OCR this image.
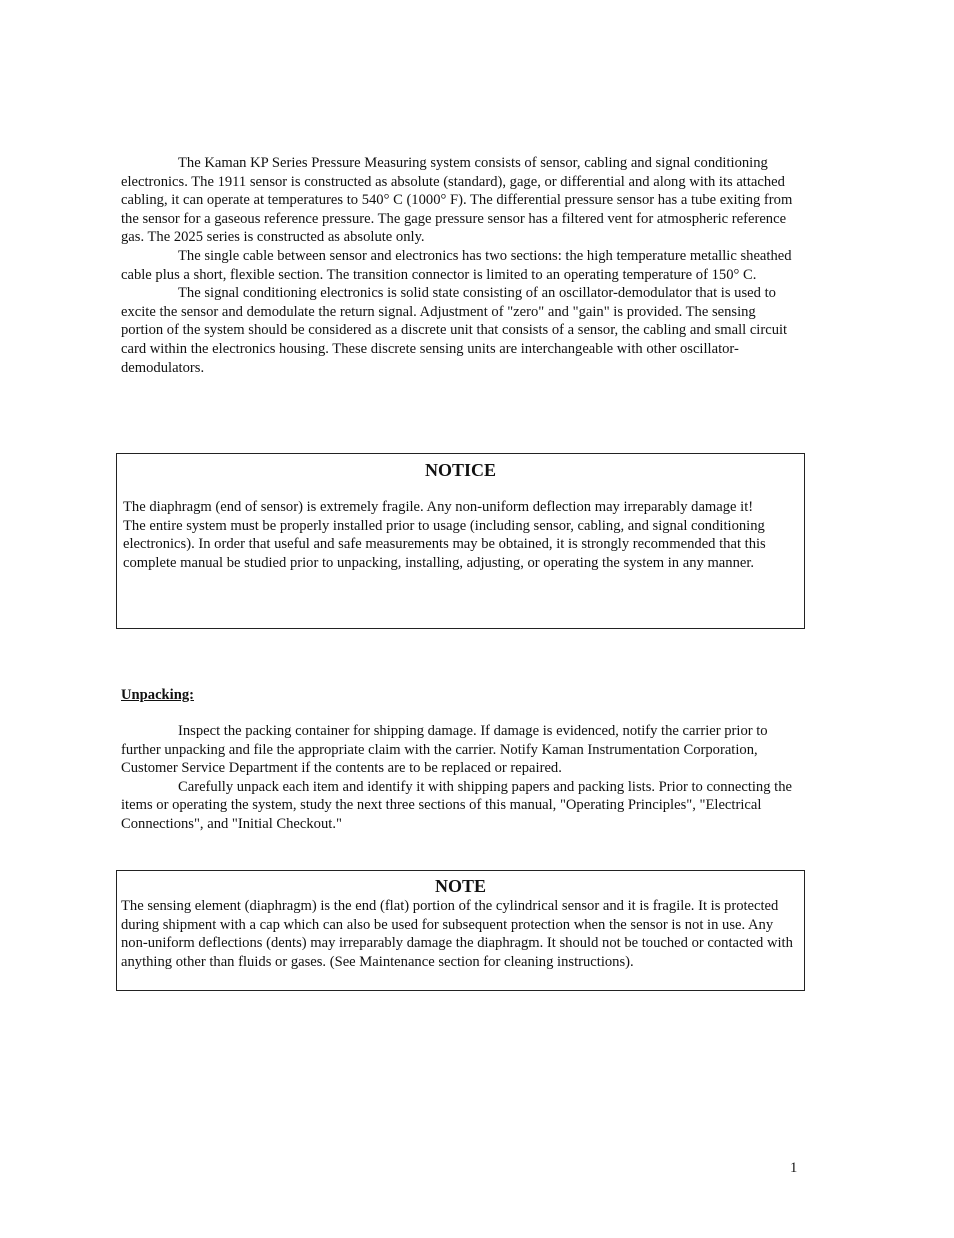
The Kaman KP Series Pressure Measuring system consists of sensor, cabling and signal conditioning electronics. The 1911 sensor is constructed as absolute (standard), gage, or differential and along with its attached cabling, it can operate at temperatures to 540° C (1000° F). The differential pressure sensor has a tube exiting from the sensor for a gaseous reference pressure. The gage pressure sensor has a filtered vent for atmospheric reference gas. The 2025 series is constructed as absolute only.

The single cable between sensor and electronics has two sections: the high temperature metallic sheathed cable plus a short, flexible section. The transition connector is limited to an operating temperature of 150° C.

The signal conditioning electronics is solid state consisting of an oscillator-demodulator that is used to excite the sensor and demodulate the return signal. Adjustment of "zero" and "gain" is provided. The sensing portion of the system should be considered as a discrete unit that consists of a sensor, the cabling and small circuit card within the electronics housing. These discrete sensing units are interchangeable with other oscillator-demodulators.

NOTICE

The diaphragm (end of sensor) is extremely fragile. Any non-uniform deflection may irreparably damage it!

The entire system must be properly installed prior to usage (including sensor, cabling, and signal conditioning electronics). In order that useful and safe measurements may be obtained, it is strongly recommended that this complete manual be studied prior to unpacking, installing, adjusting, or operating the system in any manner.

Unpacking:

Inspect the packing container for shipping damage. If damage is evidenced, notify the carrier prior to further unpacking and file the appropriate claim with the carrier. Notify Kaman Instrumentation Corporation, Customer Service Department if the contents are to be replaced or repaired.

Carefully unpack each item and identify it with shipping papers and packing lists. Prior to connecting the items or operating the system, study the next three sections of this manual, "Operating Principles", "Electrical Connections", and "Initial Checkout."

NOTE

The sensing element (diaphragm) is the end (flat) portion of the cylindrical sensor and it is fragile. It is protected during shipment with a cap which can also be used for subsequent protection when the sensor is not in use. Any non-uniform deflections (dents) may irreparably damage the diaphragm. It should not be touched or contacted with anything other than fluids or gases. (See Maintenance section for cleaning instructions).

1
